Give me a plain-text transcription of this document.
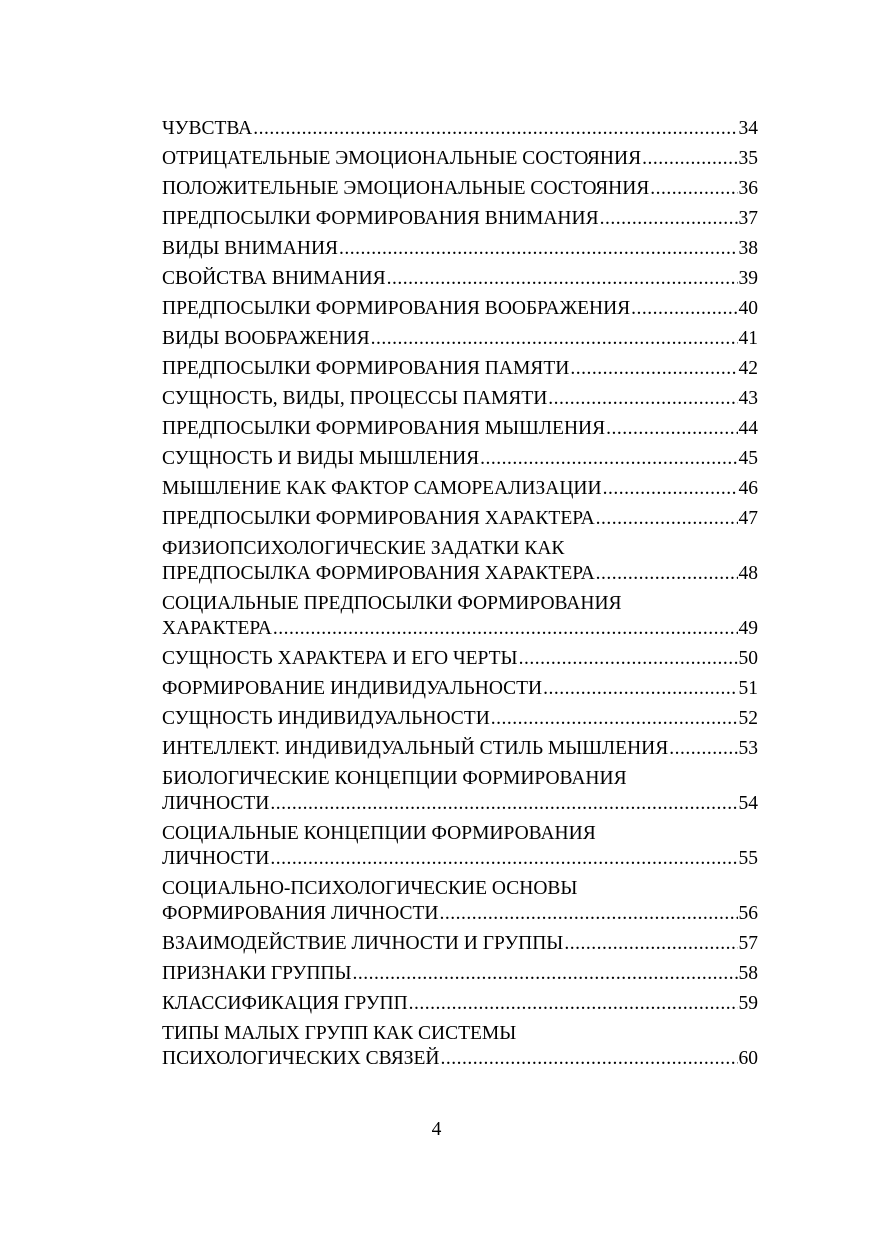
ЧУВСТВА .....	34
ОТРИЦАТЕЛЬНЫЕ ЭМОЦИОНАЛЬНЫЕ СОСТОЯНИЯ .....	35
ПОЛОЖИТЕЛЬНЫЕ ЭМОЦИОНАЛЬНЫЕ СОСТОЯНИЯ .....	36
ПРЕДПОСЫЛКИ ФОРМИРОВАНИЯ ВНИМАНИЯ .....	37
ВИДЫ ВНИМАНИЯ .....	38
СВОЙСТВА ВНИМАНИЯ .....	39
ПРЕДПОСЫЛКИ ФОРМИРОВАНИЯ ВООБРАЖЕНИЯ .....	40
ВИДЫ ВООБРАЖЕНИЯ .....	41
ПРЕДПОСЫЛКИ ФОРМИРОВАНИЯ ПАМЯТИ .....	42
СУЩНОСТЬ, ВИДЫ, ПРОЦЕССЫ ПАМЯТИ .....	43
ПРЕДПОСЫЛКИ ФОРМИРОВАНИЯ МЫШЛЕНИЯ .....	44
СУЩНОСТЬ И ВИДЫ МЫШЛЕНИЯ .....	45
МЫШЛЕНИЕ КАК ФАКТОР САМОРЕАЛИЗАЦИИ .....	46
ПРЕДПОСЫЛКИ ФОРМИРОВАНИЯ ХАРАКТЕРА .....	47
ФИЗИОПСИХОЛОГИЧЕСКИЕ ЗАДАТКИ КАК
ПРЕДПОСЫЛКА ФОРМИРОВАНИЯ ХАРАКТЕРА .....	48
СОЦИАЛЬНЫЕ ПРЕДПОСЫЛКИ ФОРМИРОВАНИЯ
ХАРАКТЕРА .....	49
СУЩНОСТЬ ХАРАКТЕРА И ЕГО ЧЕРТЫ .....	50
ФОРМИРОВАНИЕ ИНДИВИДУАЛЬНОСТИ .....	51
СУЩНОСТЬ ИНДИВИДУАЛЬНОСТИ .....	52
ИНТЕЛЛЕКТ. ИНДИВИДУАЛЬНЫЙ СТИЛЬ МЫШЛЕНИЯ .....	53
БИОЛОГИЧЕСКИЕ КОНЦЕПЦИИ ФОРМИРОВАНИЯ
ЛИЧНОСТИ .....	54
СОЦИАЛЬНЫЕ КОНЦЕПЦИИ ФОРМИРОВАНИЯ
ЛИЧНОСТИ .....	55
СОЦИАЛЬНО-ПСИХОЛОГИЧЕСКИЕ ОСНОВЫ
ФОРМИРОВАНИЯ ЛИЧНОСТИ .....	56
ВЗАИМОДЕЙСТВИЕ ЛИЧНОСТИ И ГРУППЫ .....	57
ПРИЗНАКИ ГРУППЫ .....	58
КЛАССИФИКАЦИЯ ГРУПП .....	59
ТИПЫ МАЛЫХ ГРУПП КАК СИСТЕМЫ
ПСИХОЛОГИЧЕСКИХ СВЯЗЕЙ .....	60
4
